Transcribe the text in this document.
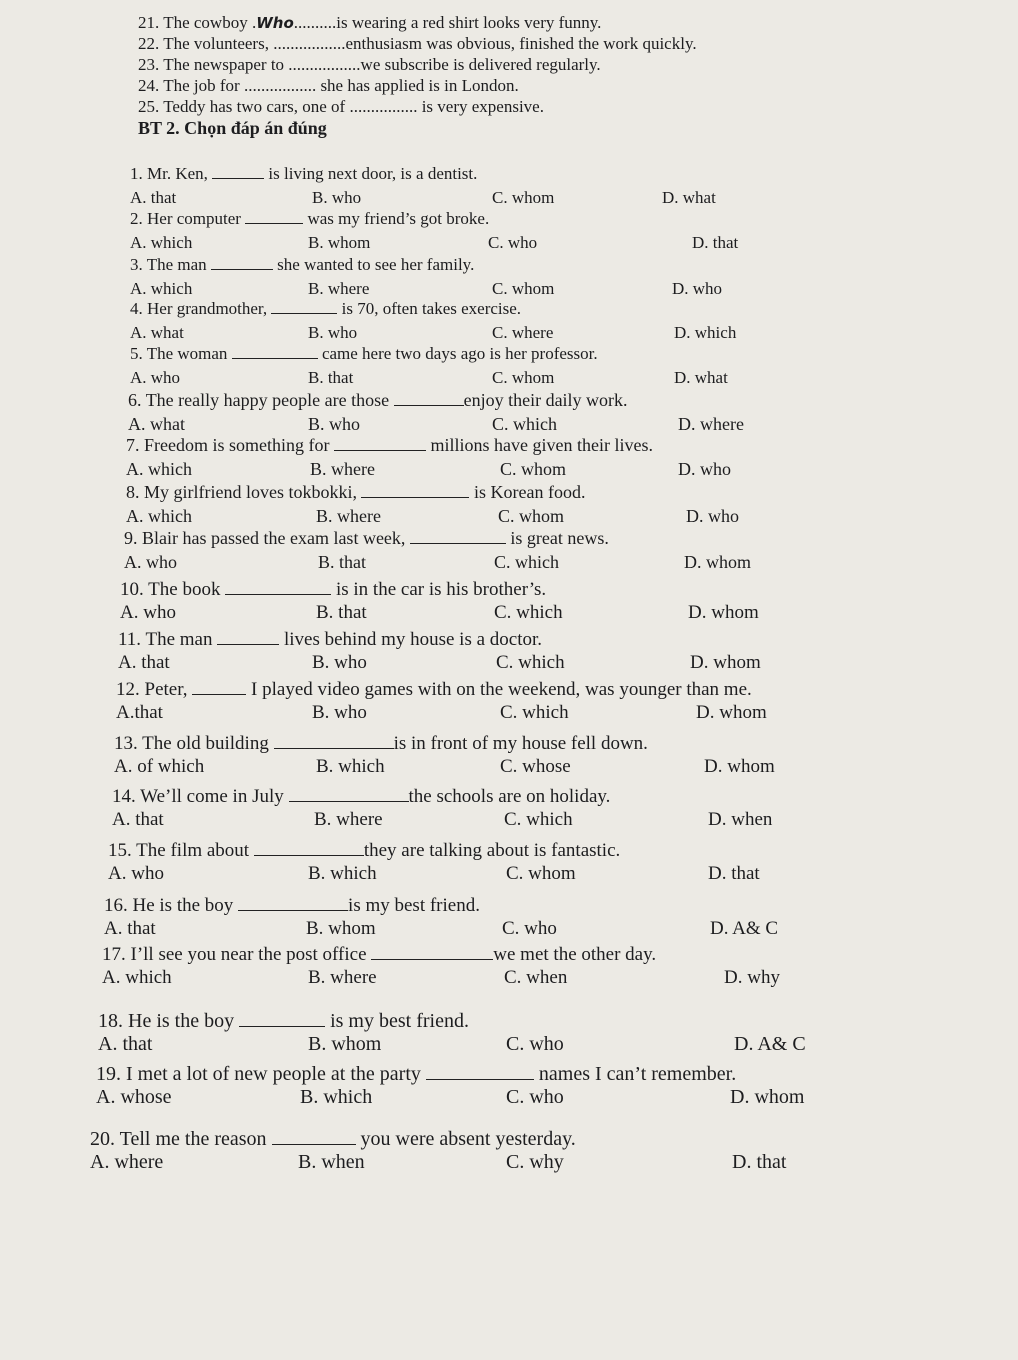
21. The cowboy .Who..........is wearing a red shirt looks very funny.
22. The volunteers, .................enthusiasm was obvious, finished the work quickly.
23. The newspaper to .................we subscribe is delivered regularly.
24. The job for ................. she has applied is in London.
25. Teddy has two cars, one of ................ is very expensive.
BT 2. Chọn đáp án đúng
1. Mr. Ken,	is living next door, is a dentist.
A. that	B. who	C. whom	D. what
2. Her computer	was my friend’s got broke.
A. which	B. whom	C. who	D. that
3. The man	she wanted to see her family.
A. which	B. where	C. whom	D. who
4. Her grandmother,	is 70, often takes exercise.
A. what	B. who	C. where	D. which
5. The woman	came here two days ago is her professor.
A. who	B. that	C. whom	D. what
6. The really happy people are those	enjoy their daily work.
A. what	B. who	C. which	D. where
7. Freedom is something for	millions have given their lives.
A. which	B. where	C. whom	D. who
8. My girlfriend loves tokbokki,	is Korean food.
A. which	B. where	C. whom	D. who
9. Blair has passed the exam last week,	is great news.
A. who	B. that	C. which	D. whom
10. The book	is in the car is his brother’s.
A. who	B. that	C. which	D. whom
11. The man	lives behind my house is a doctor.
A. that	B. who	C. which	D. whom
12. Peter,	I played video games with on the weekend, was younger than me.
A.that	B. who	C. which	D. whom
13. The old building	is in front of my house fell down.
A. of which	B. which	C. whose	D. whom
14. We’ll come in July	the schools are on holiday.
A. that	B. where	C. which	D. when
15. The film about	they are talking about is fantastic.
A. who	B. which	C. whom	D. that
16. He is the boy	is my best friend.
A. that	B. whom	C. who	D. A& C
17. I’ll see you near the post office	we met the other day.
A. which	B. where	C. when	D. why
18. He is the boy	is my best friend.
A. that	B. whom	C. who	D. A& C
19. I met a lot of new people at the party	names I can’t remember.
A. whose	B. which	C. who	D. whom
20. Tell me the reason	you were absent yesterday.
A. where	B. when	C. why	D. that
